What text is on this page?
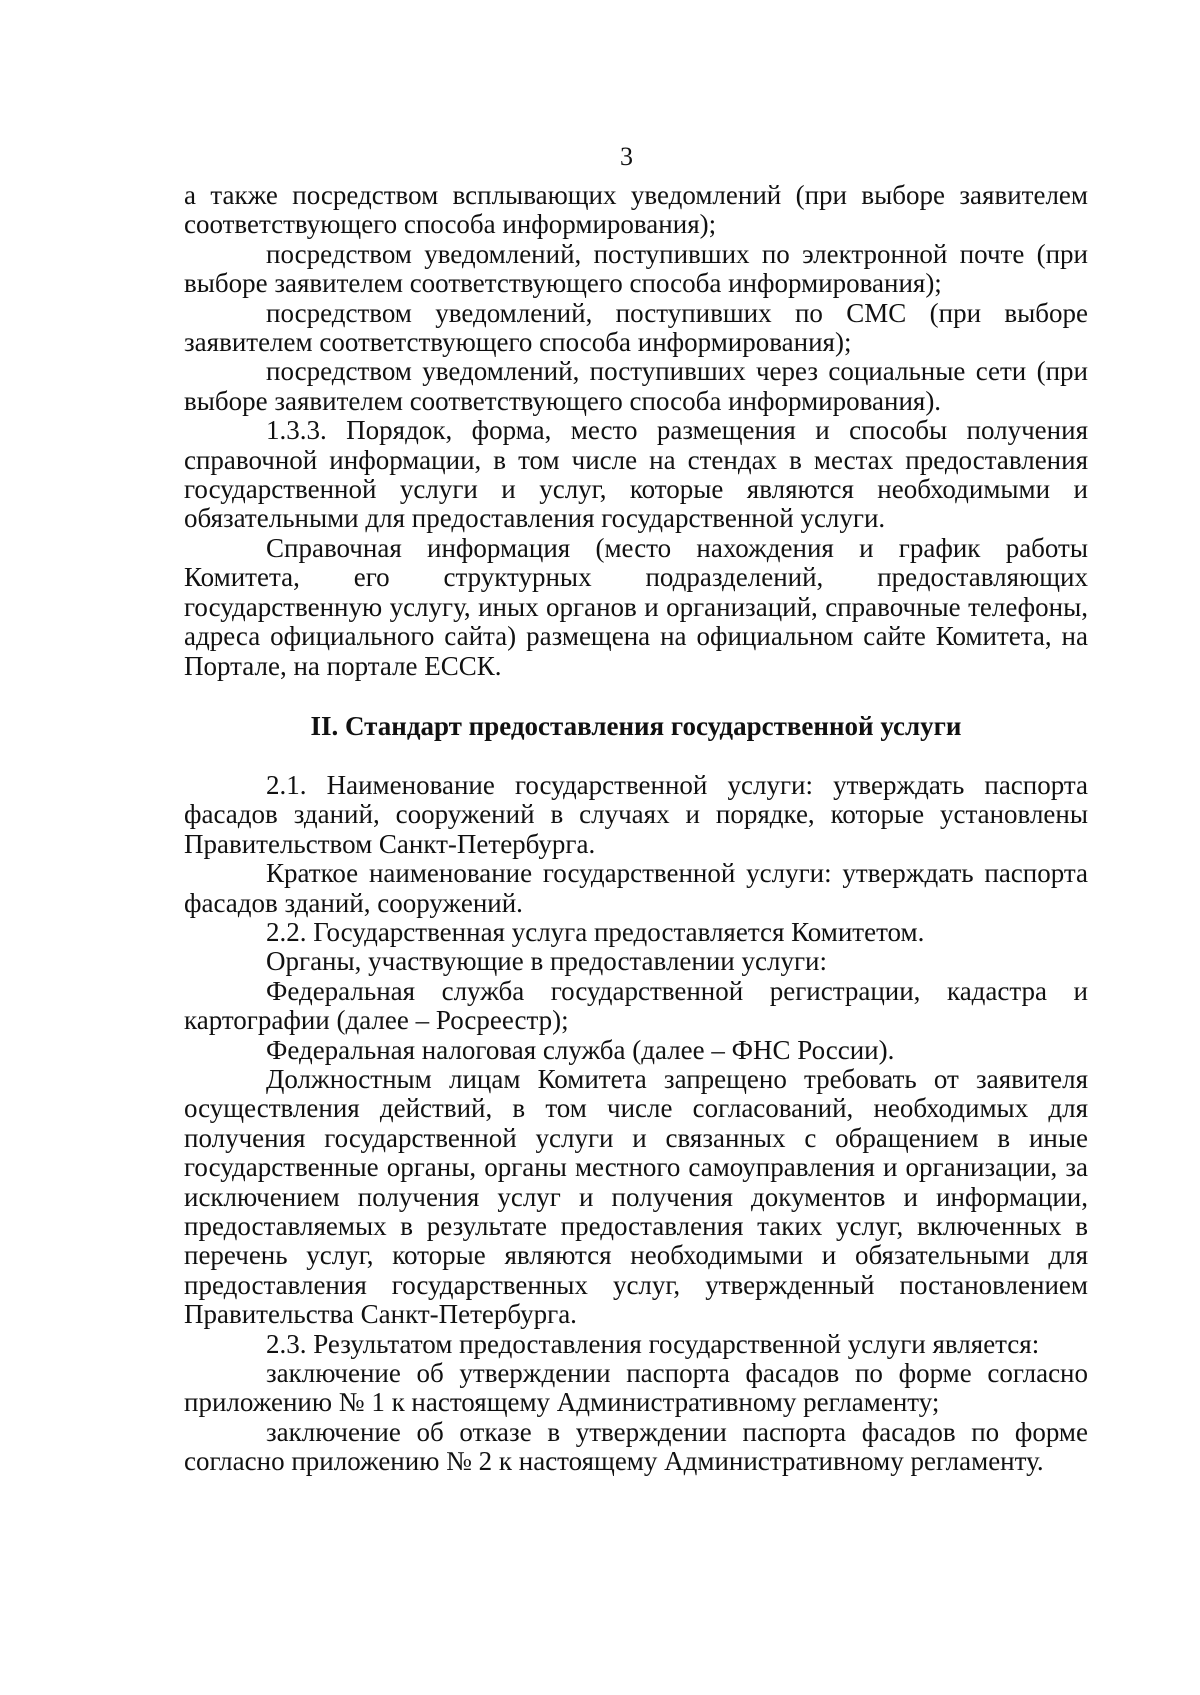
3

а также посредством всплывающих уведомлений (при выборе заявителем соответствующего способа информирования);

посредством уведомлений, поступивших по электронной почте (при выборе заявителем соответствующего способа информирования);

посредством уведомлений, поступивших по СМС (при выборе заявителем соответствующего способа информирования);

посредством уведомлений, поступивших через социальные сети (при выборе заявителем соответствующего способа информирования).

1.3.3. Порядок, форма, место размещения и способы получения справочной информации, в том числе на стендах в местах предоставления государственной услуги и услуг, которые являются необходимыми и обязательными для предоставления государственной услуги.

Справочная информация (место нахождения и график работы Комитета, его структурных подразделений, предоставляющих государственную услугу, иных органов и организаций, справочные телефоны, адреса официального сайта) размещена на официальном сайте Комитета, на Портале, на портале ЕССК.

II. Стандарт предоставления государственной услуги

2.1. Наименование государственной услуги: утверждать паспорта фасадов зданий, сооружений в случаях и порядке, которые установлены Правительством Санкт-Петербурга.

Краткое наименование государственной услуги: утверждать паспорта фасадов зданий, сооружений.

2.2. Государственная услуга предоставляется Комитетом.

Органы, участвующие в предоставлении услуги:

Федеральная служба государственной регистрации, кадастра и картографии (далее – Росреестр);

Федеральная налоговая служба (далее – ФНС России).

Должностным лицам Комитета запрещено требовать от заявителя осуществления действий, в том числе согласований, необходимых для получения государственной услуги и связанных с обращением в иные государственные органы, органы местного самоуправления и организации, за исключением получения услуг и получения документов и информации, предоставляемых в результате предоставления таких услуг, включенных в перечень услуг, которые являются необходимыми и обязательными для предоставления государственных услуг, утвержденный постановлением Правительства Санкт-Петербурга.

2.3. Результатом предоставления государственной услуги является:

заключение об утверждении паспорта фасадов по форме согласно приложению № 1 к настоящему Административному регламенту;

заключение об отказе в утверждении паспорта фасадов по форме согласно приложению № 2 к настоящему Административному регламенту.
